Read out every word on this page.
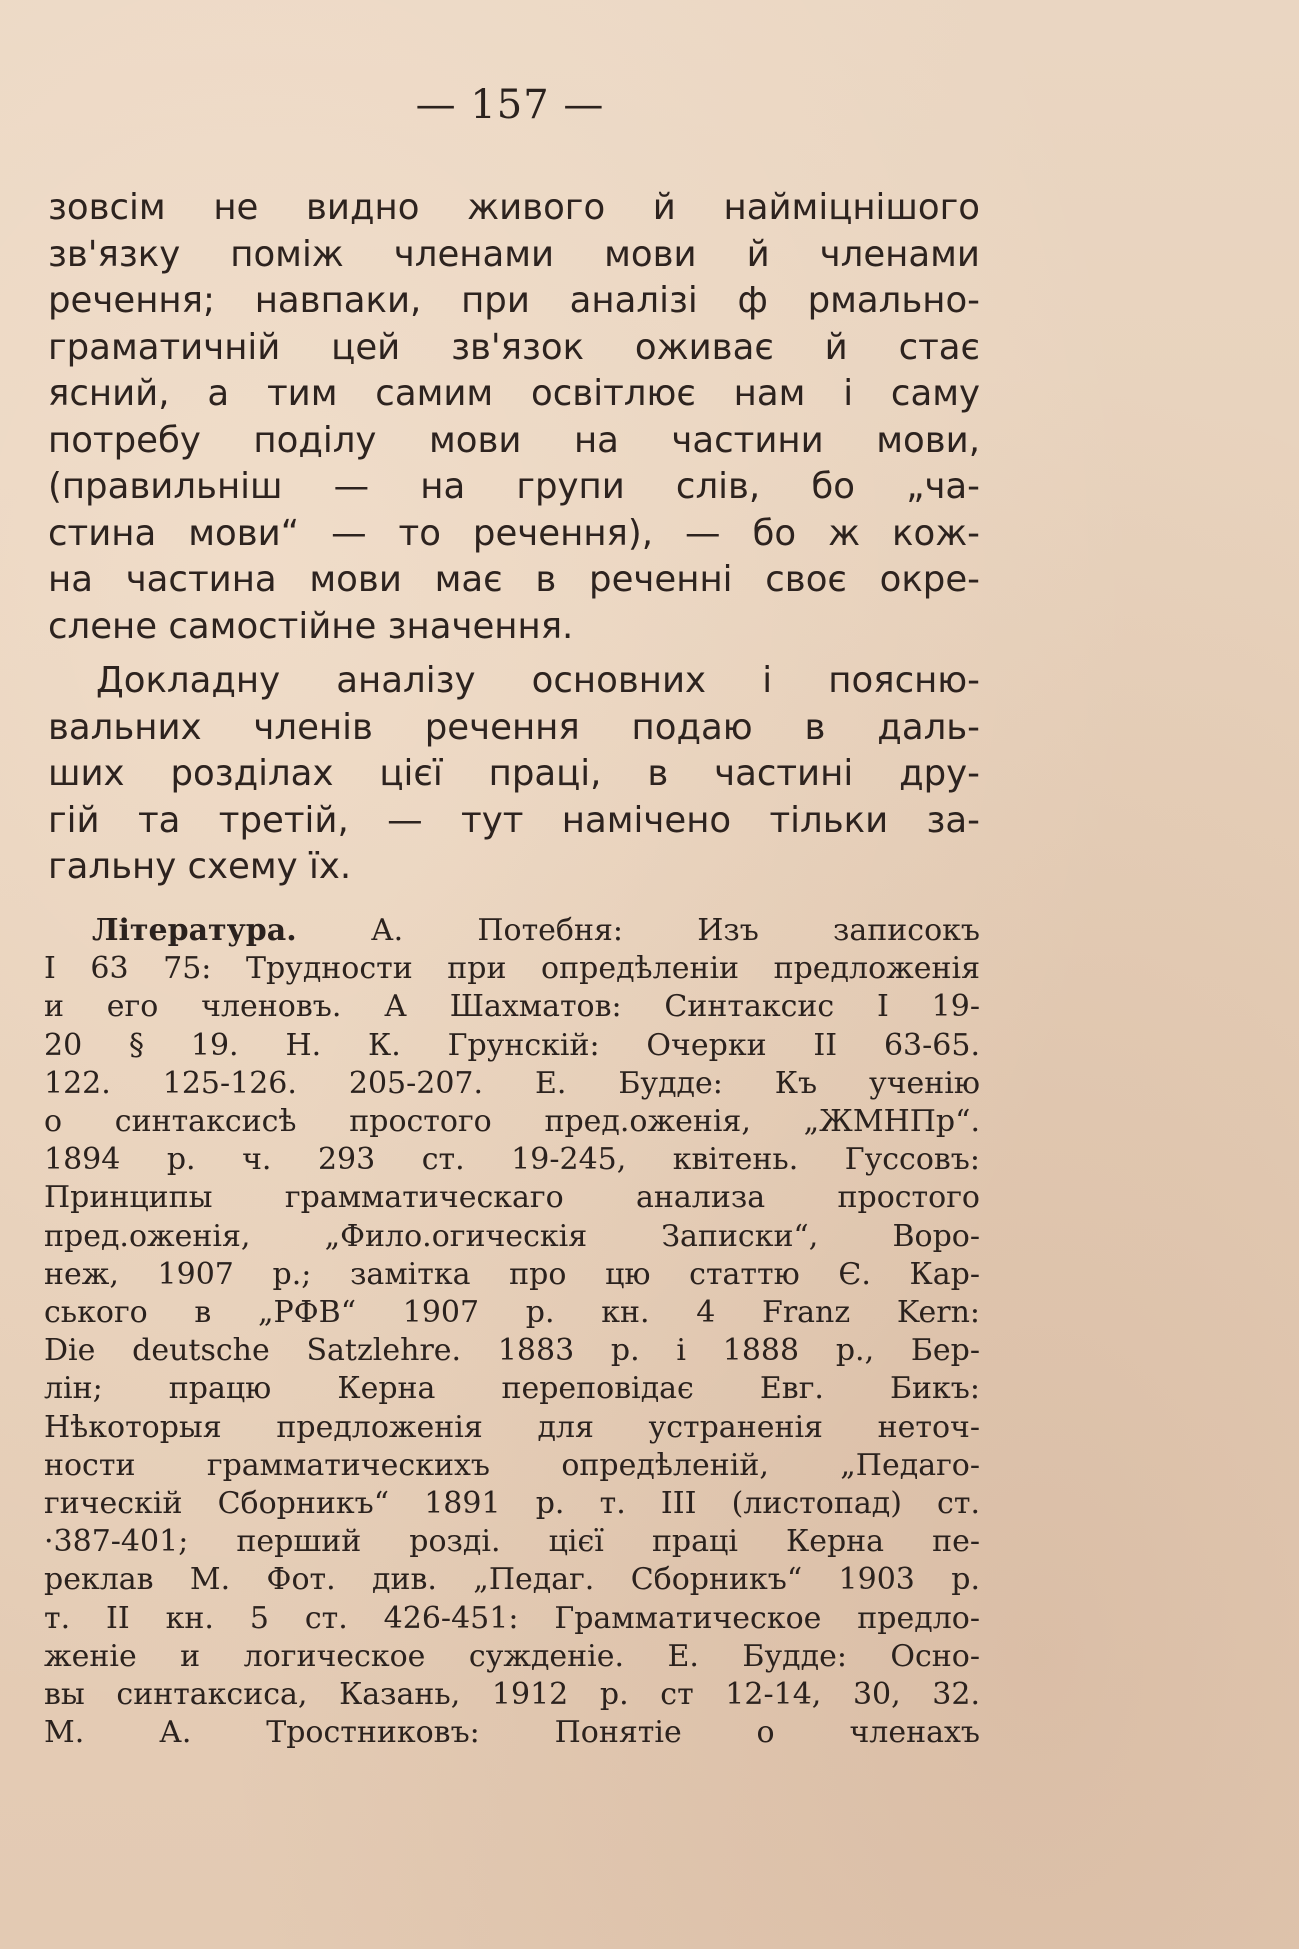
— 157 —
зовсім не видно живого й найміцнішого
зв'язку поміж членами мови й членами
речення; навпаки, при аналізі ф рмально-
граматичній цей зв'язок оживає й стає
ясний, а тим самим освітлює нам і саму
потребу поділу мови на частини мови,
(правильніш — на групи слів, бо „ча-
стина мови“ — то речення), — бо ж кож-
на частина мови має в реченні своє окре-
слене самостійне значення.
Докладну аналізу основних і поясню-
вальних членів речення подаю в даль-
ших розділах цієї праці, в частині дру-
гій та третій, — тут намічено тільки за-
гальну схему їх.
Література. А. Потебня: Изъ записокъ
I 63 75: Трудности при опредѣленіи предложенія
и его членовъ. А Шахматов: Синтаксис I 19-
20 § 19. Н. К. Грунскій: Очерки II 63-65.
122. 125-126. 205-207. Е. Будде: Къ ученію
о синтаксисѣ простого пред.оженія, „ЖМНПр“.
1894 р. ч. 293 ст. 19-245, квітень. Гуссовъ:
Принципы грамматическаго анализа простого
пред.оженія, „Фило.огическія Записки“, Воро-
неж, 1907 р.; замітка про цю статтю Є. Кар-
ського в „РФВ“ 1907 р. кн. 4 Franz Kern:
Die deutsche Satzlehre. 1883 р. і 1888 р., Бер-
лін; працю Керна переповідає Евг. Бикъ:
Нѣкоторыя предложенія для устраненія неточ-
ности грамматическихъ опредѣленій, „Педаго-
гическій Сборникъ“ 1891 р. т. III (листопад) ст.
·387-401; перший розді. цієї праці Керна пе-
реклав М. Фот. див. „Педаг. Сборникъ“ 1903 р.
т. II кн. 5 ст. 426-451: Грамматическое предло-
женіе и логическое сужденіе. Е. Будде: Осно-
вы синтаксиса, Казань, 1912 р. ст 12-14, 30, 32.
М. А. Тростниковъ: Понятіе о членахъ
